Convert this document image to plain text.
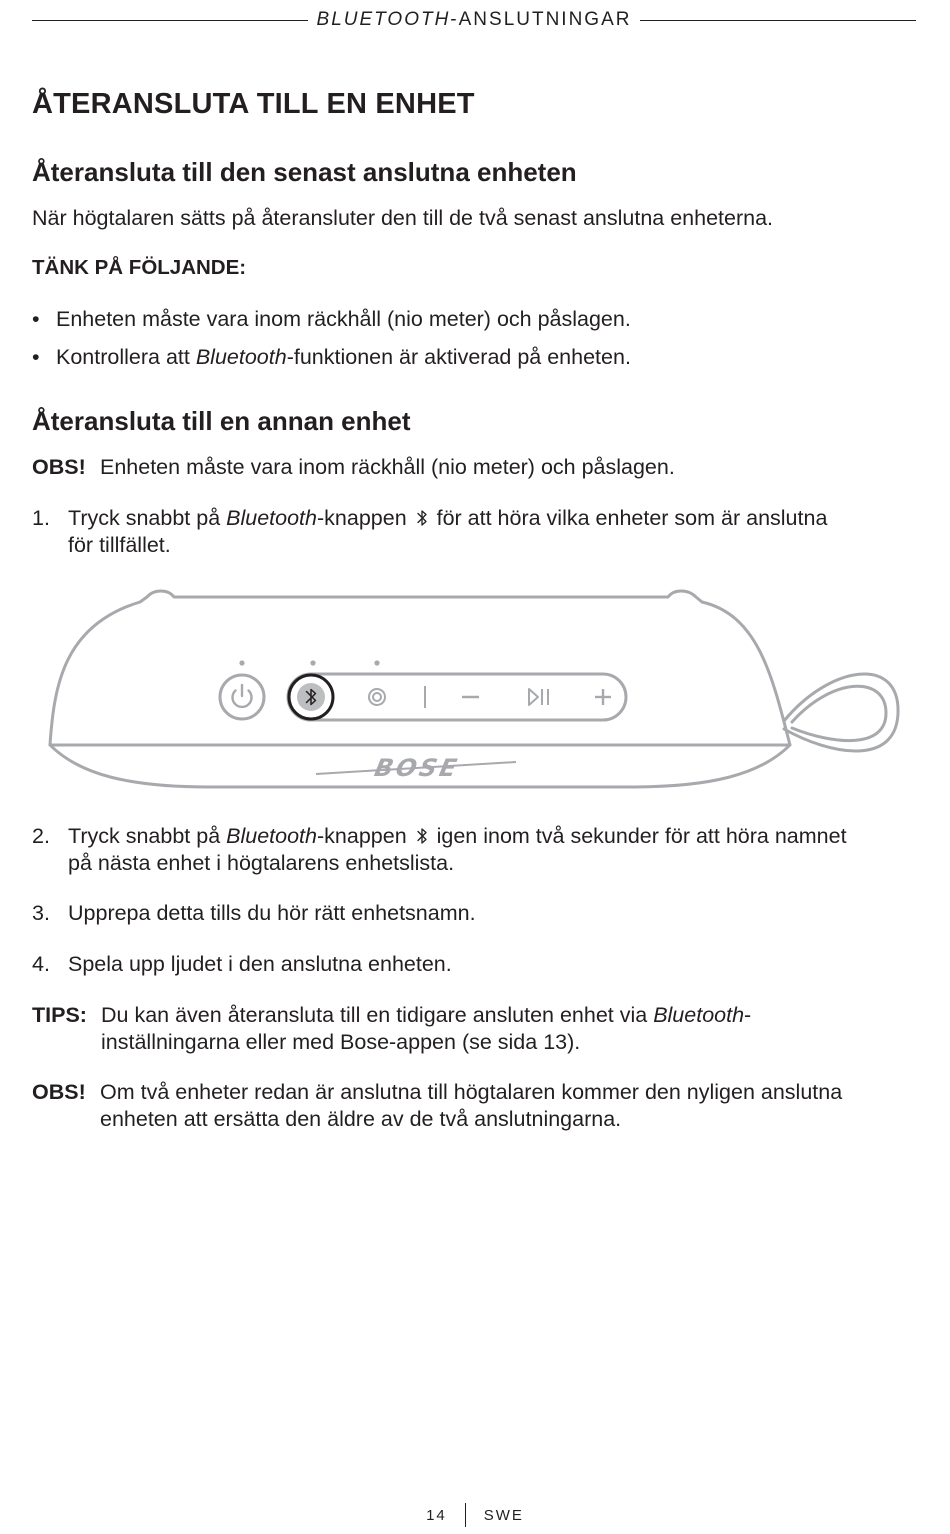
BLUETOOTH-ANSLUTNINGAR
ÅTERANSLUTA TILL EN ENHET
Återansluta till den senast anslutna enheten

När högtalaren sätts på återansluter den till de två senast anslutna enheterna.

TÄNK PÅ FÖLJANDE:

• Enheten måste vara inom räckhåll (nio meter) och påslagen.
• Kontrollera att Bluetooth-funktionen är aktiverad på enheten.
Återansluta till en annan enhet
OBS! Enheten måste vara inom räckhåll (nio meter) och påslagen.
1. Tryck snabbt på Bluetooth-knappen  för att höra vilka enheter som är anslutna
för tillfället.
BOSE
2. Tryck snabbt på Bluetooth-knappen  igen inom två sekunder för att höra namnet
på nästa enhet i högtalarens enhetslista.
3. Upprepa detta tills du hör rätt enhetsnamn.
4. Spela upp ljudet i den anslutna enheten.
TIPS: Du kan även återansluta till en tidigare ansluten enhet via Bluetooth-
inställningarna eller med Bose-appen (se sida 13).
OBS! Om två enheter redan är anslutna till högtalaren kommer den nyligen anslutna
enheten att ersätta den äldre av de två anslutningarna.
14 SWE
